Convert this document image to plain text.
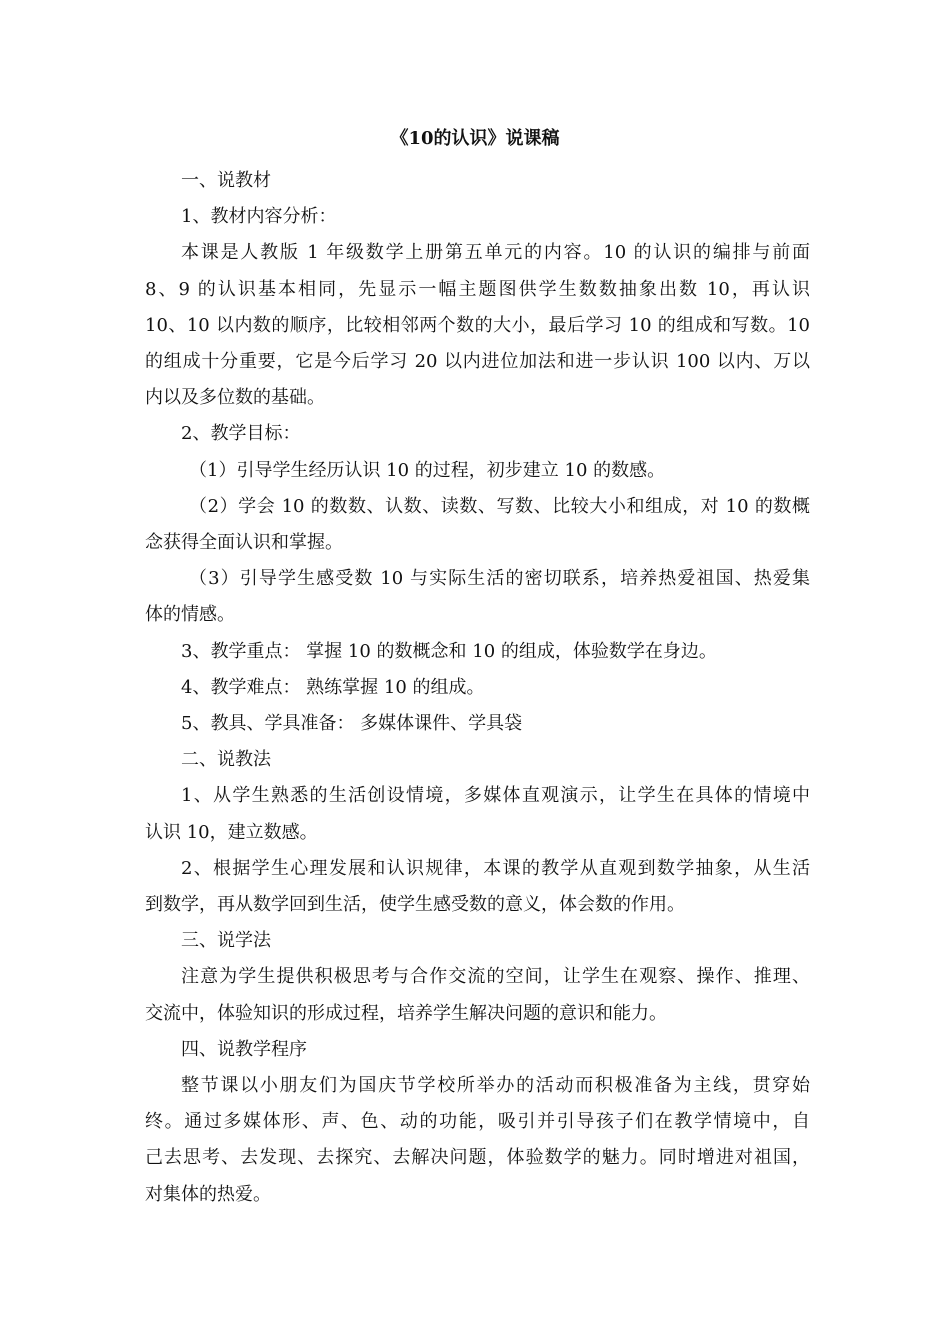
《10的认识》说课稿

一、说教材

1、教材内容分析：

本课是人教版 1 年级数学上册第五单元的内容。10 的认识的编排与前面

8、9 的认识基本相同，先显示一幅主题图供学生数数抽象出数 10，再认识

10、10 以内数的顺序，比较相邻两个数的大小，最后学习 10 的组成和写数。10

的组成十分重要，它是今后学习 20 以内进位加法和进一步认识 100 以内、万以

内以及多位数的基础。

2、教学目标：

（1）引导学生经历认识 10 的过程，初步建立 10 的数感。

（2）学会 10 的数数、认数、读数、写数、比较大小和组成，对 10 的数概

念获得全面认识和掌握。

（3）引导学生感受数 10 与实际生活的密切联系，培养热爱祖国、热爱集

体的情感。

3、教学重点： 掌握 10 的数概念和 10 的组成，体验数学在身边。

4、教学难点： 熟练掌握 10 的组成。

5、教具、学具准备： 多媒体课件、学具袋

二、说教法

1、从学生熟悉的生活创设情境，多媒体直观演示，让学生在具体的情境中

认识 10，建立数感。

2、根据学生心理发展和认识规律，本课的教学从直观到数学抽象，从生活

到数学，再从数学回到生活，使学生感受数的意义，体会数的作用。

三、说学法

注意为学生提供积极思考与合作交流的空间，让学生在观察、操作、推理、

交流中，体验知识的形成过程，培养学生解决问题的意识和能力。

四、说教学程序

整节课以小朋友们为国庆节学校所举办的活动而积极准备为主线，贯穿始

终。通过多媒体形、声、色、动的功能，吸引并引导孩子们在教学情境中，自

己去思考、去发现、去探究、去解决问题，体验数学的魅力。同时增进对祖国，

对集体的热爱。
